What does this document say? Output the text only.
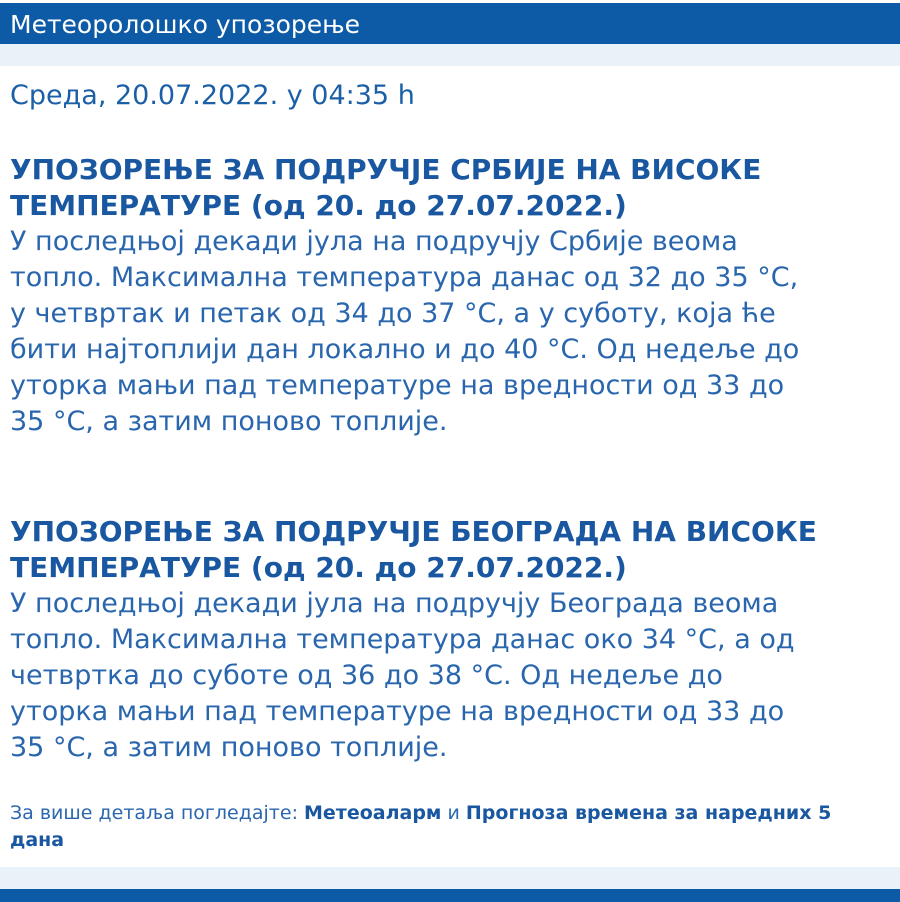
Метеоролошко упозорење

Среда, 20.07.2022. у 04:35 h

УПОЗОРЕЊЕ ЗА ПОДРУЧЈЕ СРБИЈЕ НА ВИСОКЕ
ТЕМПЕРАТУРЕ (од 20. до 27.07.2022.)

У последњој декади јула на подручју Србије веома
топло. Максимална температура данас од 32 до 35 °C,
у четвртак и петак од 34 до 37 °C, а у суботу, која ће
бити најтоплији дан локално и до 40 °C. Од недеље до
уторка мањи пад температуре на вредности од 33 до
35 °C, а затим поново топлије.

УПОЗОРЕЊЕ ЗА ПОДРУЧЈЕ БЕОГРАДА НА ВИСОКЕ
ТЕМПЕРАТУРЕ (од 20. до 27.07.2022.)

У последњој декади јула на подручју Београда веома
топло. Максимална температура данас око 34 °C, а од
четвртка до суботе од 36 до 38 °C. Од недеље до
уторка мањи пад температуре на вредности од 33 до
35 °C, а затим поново топлије.

За више детаља погледајте: Метеоаларм и Прогноза времена за наредних 5 дана
